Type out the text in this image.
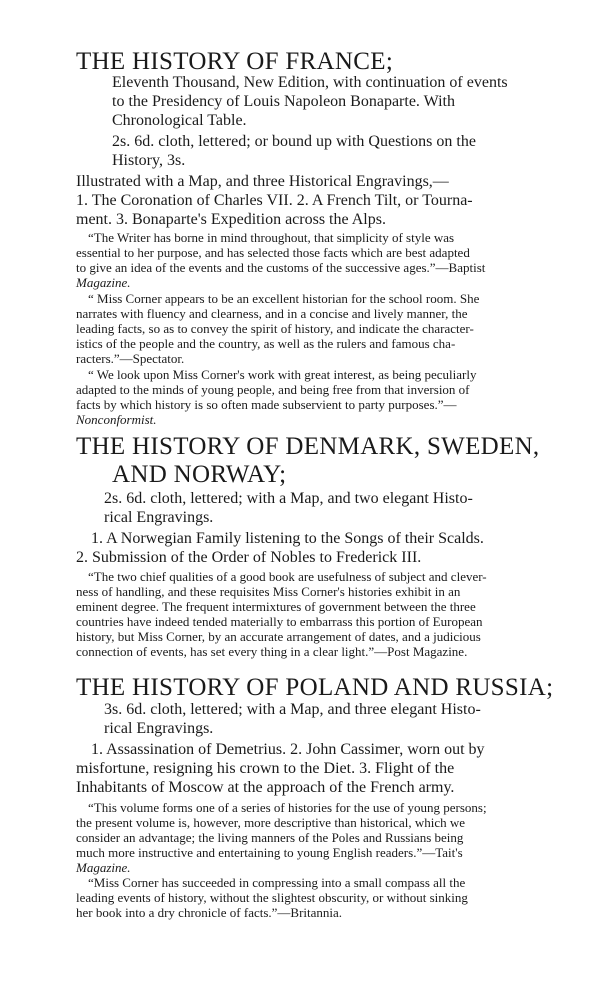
THE HISTORY OF FRANCE;
Eleventh Thousand, New Edition, with continuation of events
to the Presidency of Louis Napoleon Bonaparte. With
Chronological Table.
2s. 6d. cloth, lettered; or bound up with Questions on the
History, 3s.
Illustrated with a Map, and three Historical Engravings,—
1. The Coronation of Charles VII. 2. A French Tilt, or Tourna-
ment. 3. Bonaparte's Expedition across the Alps.
“The Writer has borne in mind throughout, that simplicity of style was
essential to her purpose, and has selected those facts which are best adapted
to give an idea of the events and the customs of the successive ages.”—Baptist
Magazine.
“ Miss Corner appears to be an excellent historian for the school room. She
narrates with fluency and clearness, and in a concise and lively manner, the
leading facts, so as to convey the spirit of history, and indicate the character-
istics of the people and the country, as well as the rulers and famous cha-
racters.”—Spectator.
“ We look upon Miss Corner's work with great interest, as being peculiarly
adapted to the minds of young people, and being free from that inversion of
facts by which history is so often made subservient to party purposes.”—
Nonconformist.
THE HISTORY OF DENMARK, SWEDEN,
AND NORWAY;
2s. 6d. cloth, lettered; with a Map, and two elegant Histo-
rical Engravings.
1. A Norwegian Family listening to the Songs of their Scalds.
2. Submission of the Order of Nobles to Frederick III.
“The two chief qualities of a good book are usefulness of subject and clever-
ness of handling, and these requisites Miss Corner's histories exhibit in an
eminent degree. The frequent intermixtures of government between the three
countries have indeed tended materially to embarrass this portion of European
history, but Miss Corner, by an accurate arrangement of dates, and a judicious
connection of events, has set every thing in a clear light.”—Post Magazine.
THE HISTORY OF POLAND AND RUSSIA;
3s. 6d. cloth, lettered; with a Map, and three elegant Histo-
rical Engravings.
1. Assassination of Demetrius. 2. John Cassimer, worn out by
misfortune, resigning his crown to the Diet. 3. Flight of the
Inhabitants of Moscow at the approach of the French army.
“This volume forms one of a series of histories for the use of young persons;
the present volume is, however, more descriptive than historical, which we
consider an advantage; the living manners of the Poles and Russians being
much more instructive and entertaining to young English readers.”—Tait's
Magazine.
“Miss Corner has succeeded in compressing into a small compass all the
leading events of history, without the slightest obscurity, or without sinking
her book into a dry chronicle of facts.”—Britannia.
